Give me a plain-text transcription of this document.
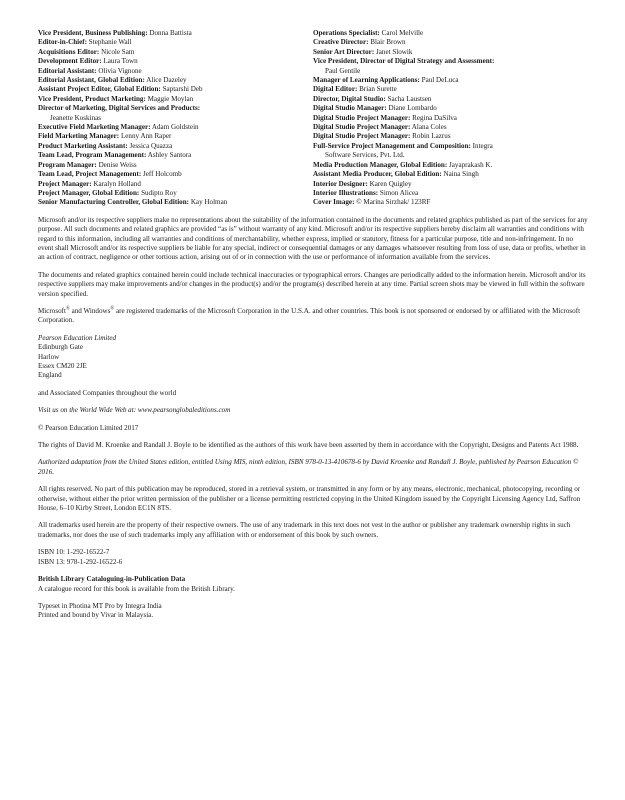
Vice President, Business Publishing: Donna Battista
Editor-in-Chief: Stephanie Wall
Acquisitions Editor: Nicole Sam
Development Editor: Laura Town
Editorial Assistant: Olivia Vignone
Editorial Assistant, Global Edition: Alice Dazeley
Assistant Project Editor, Global Edition: Saptarshi Deb
Vice President, Product Marketing: Maggie Moylan
Director of Marketing, Digital Services and Products:
Jeanette Koskinas
Executive Field Marketing Manager: Adam Goldstein
Field Marketing Manager: Lenny Ann Raper
Product Marketing Assistant: Jessica Quazza
Team Lead, Program Management: Ashley Santora
Program Manager: Denise Weiss
Team Lead, Project Management: Jeff Holcomb
Project Manager: Karalyn Holland
Project Manager, Global Edition: Sudipto Roy
Senior Manufacturing Controller, Global Edition: Kay Holman
Operations Specialist: Carol Melville
Creative Director: Blair Brown
Senior Art Director: Janet Slowik
Vice President, Director of Digital Strategy and Assessment:
Paul Gentile
Manager of Learning Applications: Paul DeLuca
Digital Editor: Brian Surette
Director, Digital Studio: Sacha Laustsen
Digital Studio Manager: Diane Lombardo
Digital Studio Project Manager: Regina DaSilva
Digital Studio Project Manager: Alana Coles
Digital Studio Project Manager: Robin Lazrus
Full-Service Project Management and Composition: Integra
Software Services, Pvt. Ltd.
Media Production Manager, Global Edition: Jayaprakash K.
Assistant Media Producer, Global Edition: Naina Singh
Interior Designer: Karen Quigley
Interior Illustrations: Simon Alicea
Cover Image: © Marina Sirzhak/ 123RF

Microsoft and/or its respective suppliers make no representations about the suitability of the information contained in the documents and related graphics published as part of the services for any purpose. All such documents and related graphics are provided “as is” without warranty of any kind. Microsoft and/or its respective suppliers hereby disclaim all warranties and conditions with regard to this information, including all warranties and conditions of merchantability, whether express, implied or statutory, fitness for a particular purpose, title and non-infringement. In no event shall Microsoft and/or its respective suppliers be liable for any special, indirect or consequential damages or any damages whatsoever resulting from loss of use, data or profits, whether in an action of contract, negligence or other tortious action, arising out of or in connection with the use or performance of information available from the services.

The documents and related graphics contained herein could include technical inaccuracies or typographical errors. Changes are periodically added to the information herein. Microsoft and/or its respective suppliers may make improvements and/or changes in the product(s) and/or the program(s) described herein at any time. Partial screen shots may be viewed in full within the software version specified.

Microsoft® and Windows® are registered trademarks of the Microsoft Corporation in the U.S.A. and other countries. This book is not sponsored or endorsed by or affiliated with the Microsoft Corporation.

Pearson Education Limited
Edinburgh Gate
Harlow
Essex CM20 2JE
England

and Associated Companies throughout the world

Visit us on the World Wide Web at: www.pearsonglobaleditions.com

© Pearson Education Limited 2017

The rights of David M. Kroenke and Randall J. Boyle to be identified as the authors of this work have been asserted by them in accordance with the Copyright, Designs and Patents Act 1988.

Authorized adaptation from the United States edition, entitled Using MIS, ninth edition, ISBN 978-0-13-410678-6 by David Kroenke and Randall J. Boyle, published by Pearson Education © 2016.

All rights reserved. No part of this publication may be reproduced, stored in a retrieval system, or transmitted in any form or by any means, electronic, mechanical, photocopying, recording or otherwise, without either the prior written permission of the publisher or a license permitting restricted copying in the United Kingdom issued by the Copyright Licensing Agency Ltd, Saffron House, 6–10 Kirby Street, London EC1N 8TS.

All trademarks used herein are the property of their respective owners. The use of any trademark in this text does not vest in the author or publisher any trademark ownership rights in such trademarks, nor does the use of such trademarks imply any affiliation with or endorsement of this book by such owners.

ISBN 10: 1-292-16522-7
ISBN 13: 978-1-292-16522-6
British Library Cataloguing-in-Publication Data
A catalogue record for this book is available from the British Library.
Typeset in Photina MT Pro by Integra India
Printed and bound by Vivar in Malaysia.
